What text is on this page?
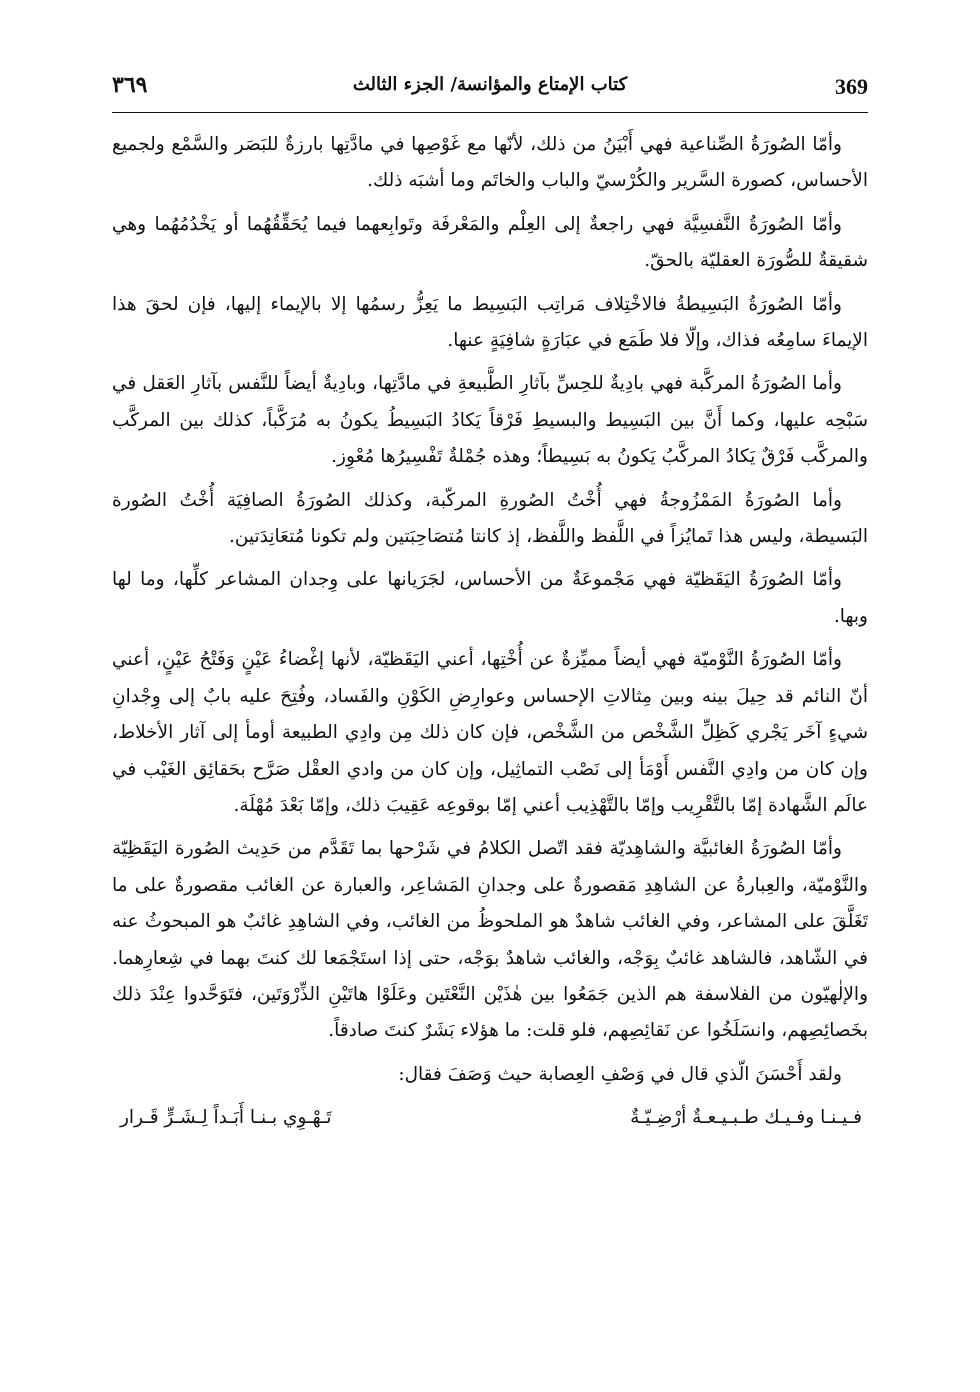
369
كتاب الإمتاع والمؤانسة/ الجزء الثالث
٣٦٩

وأمّا الصُورَةُ الصِّناعية فهي أَبْيَنُ من ذلك، لأنّها مع غَوْصِها في مادَّتِها بارزةٌ للبَصَر والسَّمْع ولجميع الأحساس، كصورة السَّرير والكُرْسيّ والباب والخاتَم وما أشبَه ذلك.

وأمّا الصُورَةُ النَّفسِيَّة فهي راجعةٌ إلى العِلْم والمَعْرفَة وتَوابِعهما فيما يُحَقِّقُهُما أو يَخْدُمُهُما وهي شقيقةٌ للصُّورَة العقليّة بالحقّ.

وأمّا الصُورَةُ البَسِيطةُ فالاخْتِلاف مَراتِب البَسِيط ما يَعِزُّ رسمُها إلا بالإيماء إليها، فإن لحقَ هذا الإيماءَ سامِعُه فذاك، وإلّا فلا طَمَع في عبَارَةٍ شافِيَةٍ عنها.

وأما الصُورَةُ المركَّبة فهي بادِيةٌ للحِسِّ بآثارِ الطَّبيعةِ في مادَّتِها، وبادِيةٌ أيضاً للنَّفس بآثارِ العَقل في سَبْحِه عليها، وكما أَنَّ بين البَسِيط والبسيطِ فَرْقاً يَكادُ البَسِيطُ يكونُ به مُرَكَّباً، كذلك بين المركَّب والمركَّب فَرْقٌ يَكادُ المركَّبُ يَكونُ به بَسِيطاً؛ وهذه جُمْلةٌ تَفْسِيرُها مُعْوِز.

وأما الصُورَةُ المَمْزُوجةُ فهي أُخْتُ الصُورةِ المركّبة، وكذلك الصُورَةُ الصافِيَة أُخْتُ الصُورة البَسيطة، وليس هذا تَمايُزاً في اللَّفظ واللَّفظ، إذ كانتا مُتصَاحِبَتين ولم تكونا مُتعَانِدَتين.

وأمّا الصُورَةُ اليَقَظيّة فهي مَجْموعَةٌ من الأحساس، لجَرَيانها على وِجدان المشاعر كلِّها، وما لها وبها.

وأمّا الصُورَةُ النَّوْميّة فهي أيضاً مميِّزةٌ عن أُخْتِها، أعني اليَقَظيّة، لأنها إغْضاءُ عَيْنٍ وَفَتْحُ عَيْنٍ، أعني أنّ النائم قد حِيلَ بينه وبين مِثالاتِ الإحساس وعوارِضِ الكَوْنِ والفَساد، وفُتِحَ عليه بابٌ إلى وِجْدانِ شيءٍ آخَر يَجْري كَظِلِّ الشَّخْص من الشَّخْص، فإن كان ذلك مِن وادِي الطبيعة أومأ إلى آثار الأخلاط، وإن كان من وادِي النَّفس أَوْمَأ إلى نَصْب التماثِيل، وإن كان من وادي العقْل صَرَّح بحَقائِق الغَيْب في عالَم الشَّهادة إمّا بالتَّقْرِيب وإمّا بالتَّهْذِيب أعني إمّا بوقوعِه عَقِيبَ ذلك، وإمّا بَعْدَ مُهْلَة.

وأمّا الصُورَةُ الغائبيَّة والشاهِديّة فقد اتّصل الكلامُ في شَرْحها بما تَقَدَّم من حَدِيث الصُورة اليَقَظِيّة والنَّوْميّة، والعِبارةُ عن الشاهِدِ مَقصورةٌ على وجدانِ المَشاعِر، والعبارة عن الغائب مقصورةٌ على ما تَغَلَّقَ على المشاعر، وفي الغائب شاهدٌ هو الملحوظُ من الغائب، وفي الشاهِدِ غائبٌ هو المبحوثُ عنه في الشّاهد، فالشاهد غائبٌ بِوَجْه، والغائب شاهدٌ بوَجْه، حتى إذا استَجْمَعا لك كنتَ بهما في شِعارِهما. والإلٰهيّون من الفلاسفة هم الذين جَمَعُوا بين هٰذَيْن النَّعْتَين وعَلَوْا هاتَيْنِ الذِّرْوَتَين، فتَوَحَّدوا عِنْدَ ذلك بخَصائِصِهم، وانسَلَخُوا عن نَقائِصِهم، فلو قلت: ما هؤلاء بَشَرٌ كنتَ صادقاً.

ولقد أَحْسَنَ الّذي قال في وَصْفِ العِصابة حيث وَصَفَ فقال:

فـيـنـا وفـيـك طـبـيـعـةٌ أرْضِـيّـةٌ
تَـهْـوِي بـنـا أَبَـداً لِـشَـرٍّ قَـرار
